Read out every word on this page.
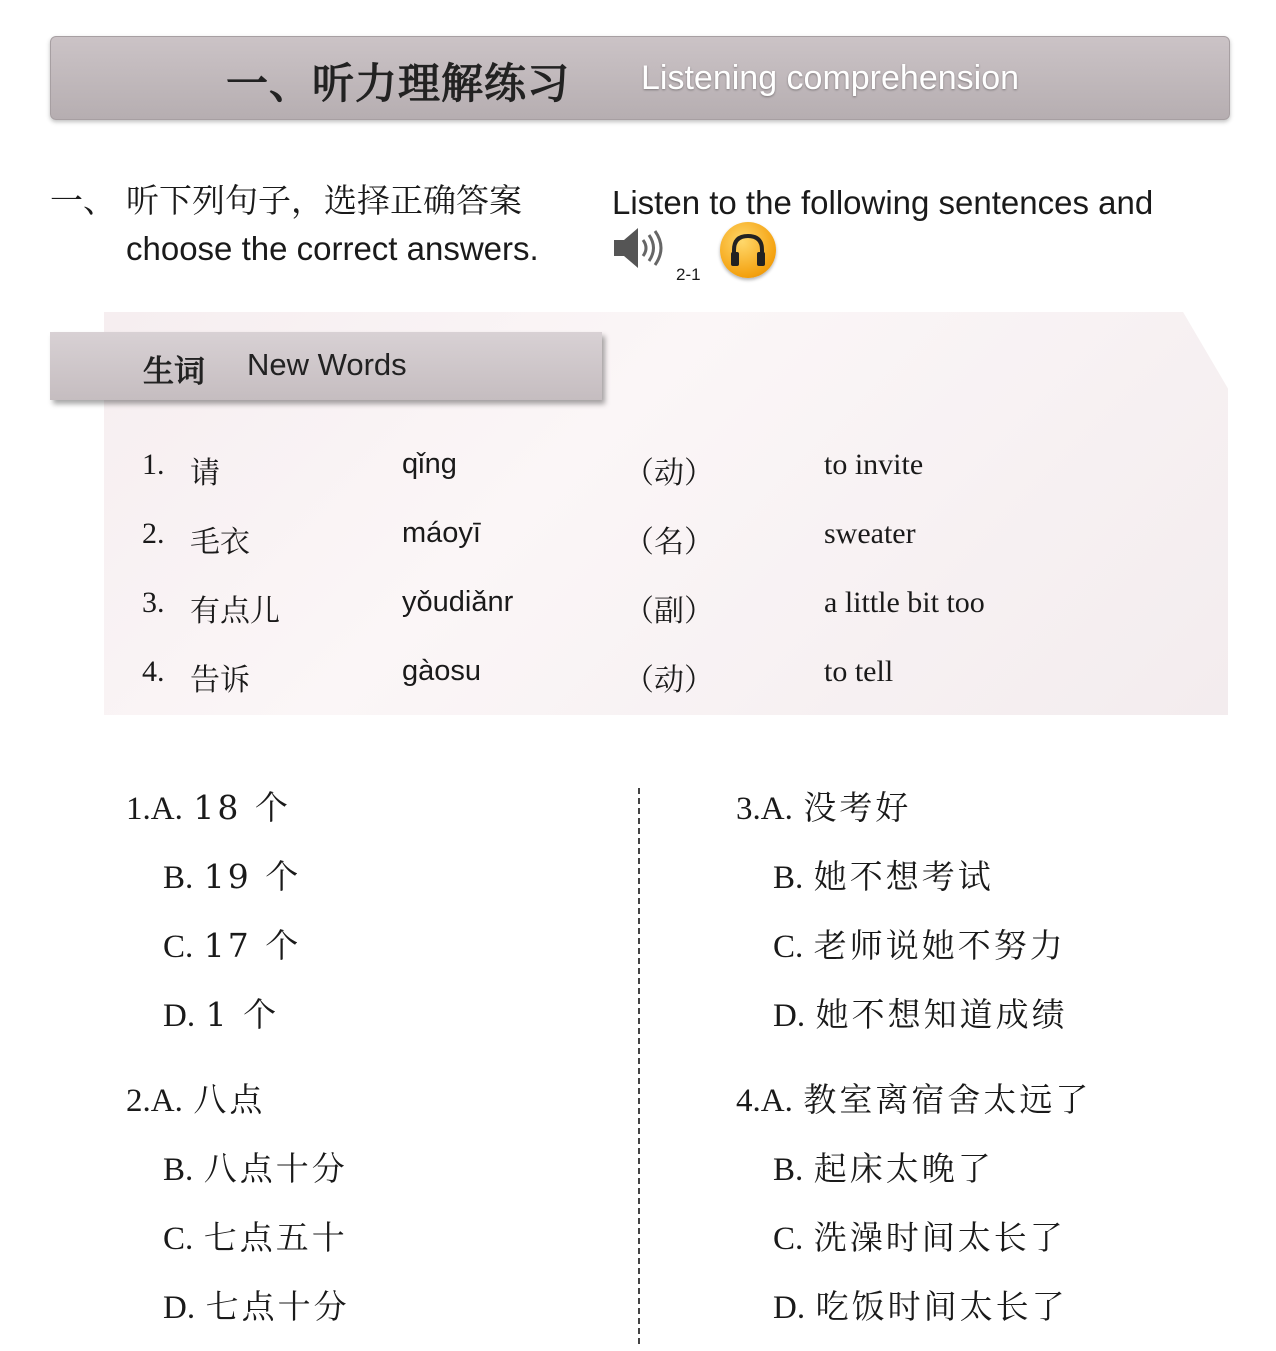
一、听力理解练习 Listening comprehension
一、 听下列句子，选择正确答案	Listen to the following sentences and
choose the correct answers.
2-1
生词 New Words
1. 请	qǐng	（动）	to invite
2. 毛衣	máoyī	（名）	sweater
3. 有点儿	yǒudiǎnr	（副）	a little bit too
4. 告诉	gàosu	（动）	to tell
1.A. 18 个
B. 19 个
C. 17 个
D. 1 个
2.A. 八点
B. 八点十分
C. 七点五十
D. 七点十分
3.A. 没考好
B. 她不想考试
C. 老师说她不努力
D. 她不想知道成绩
4.A. 教室离宿舍太远了
B. 起床太晚了
C. 洗澡时间太长了
D. 吃饭时间太长了
